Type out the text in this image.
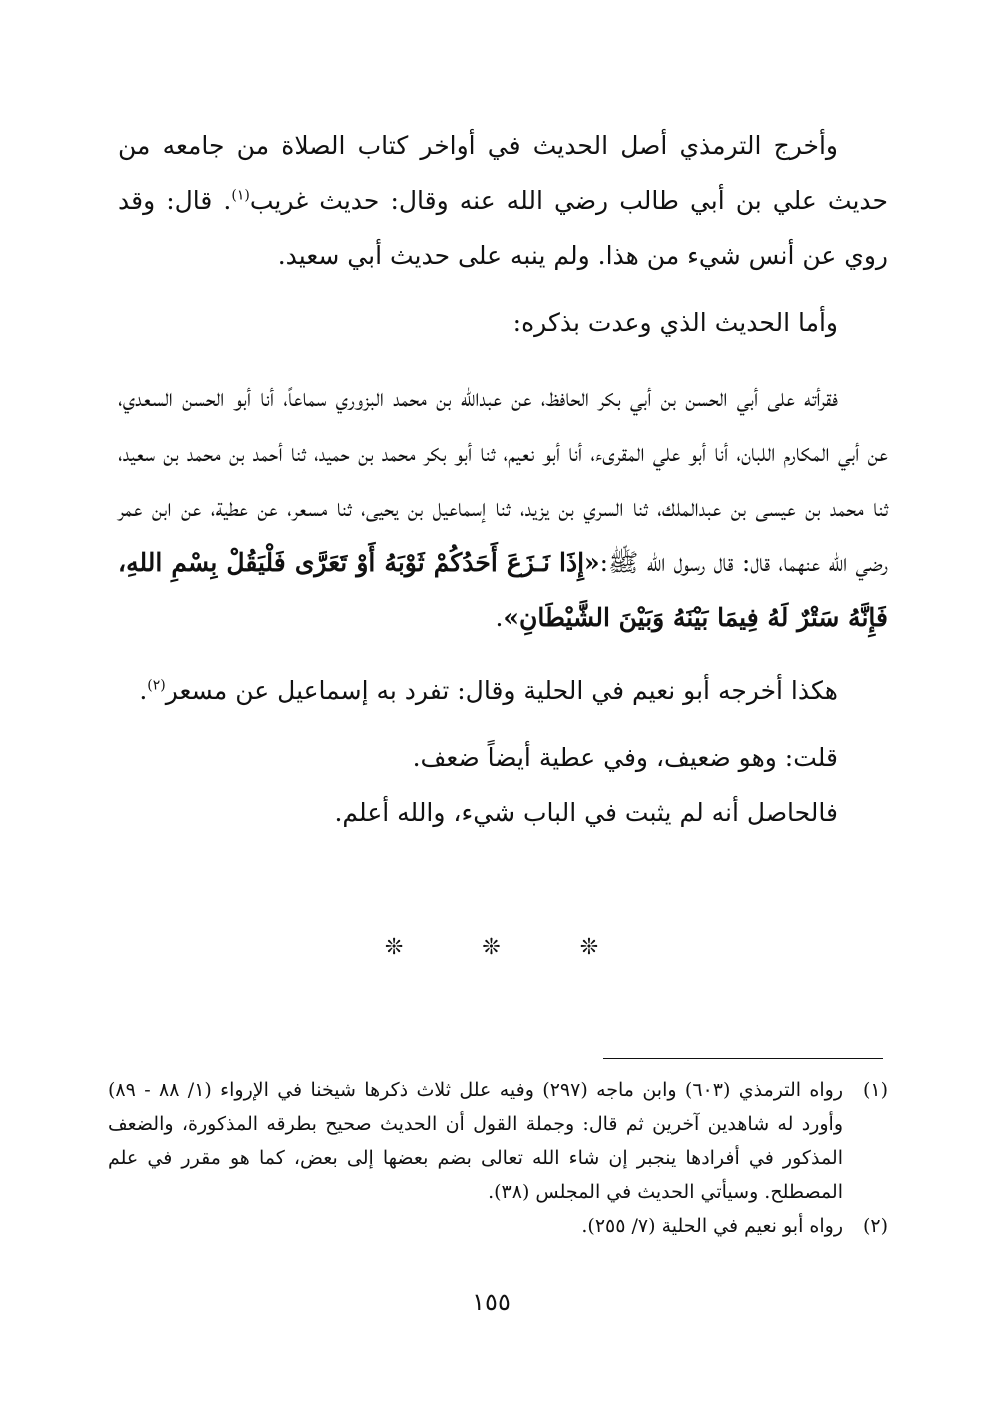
وأخرج الترمذي أصل الحديث في أواخر كتاب الصلاة من جامعه من حديث علي بن أبي طالب رضي الله عنه وقال: حديث غريب$^{(١)}$. قال: وقد روي عن أنس شيء من هذا. ولم ينبه على حديث أبي سعيد.

وأما الحديث الذي وعدت بذكره:

فقرأته على أبي الحسن بن أبي بكر الحافظ، عن عبدالله بن محمد البزوري سماعاً، أنا أبو الحسن السعدي، عن أبي المكارم اللبان، أنا أبو علي المقرىء، أنا أبو نعيم، ثنا أبو بكر محمد بن حميد، ثنا أحمد بن محمد بن سعيد، ثنا محمد بن عيسى بن عبدالملك، ثنا السري بن يزيد، ثنا إسماعيل بن يحيى، ثنا مسعر، عن عطية، عن ابن عمر رضي الله عنهما، قال: قال رسول الله ﷺ:«إِذَا نَـزَعَ أَحَدُكُمْ ثَوْبَهُ أَوْ تَعَرَّى فَلْيَقُلْ بِسْمِ اللهِ، فَإِنَّهُ سَتْرٌ لَهُ فِيمَا بَيْنَهُ وَبَيْنَ الشَّيْطَانِ».

هكذا أخرجه أبو نعيم في الحلية وقال: تفرد به إسماعيل عن مسعر$^{(٢)}$.

قلت: وهو ضعيف، وفي عطية أيضاً ضعف.

فالحاصل أنه لم يثبت في الباب شيء، والله أعلم.

❊	❊	❊

(١)
رواه الترمذي (٦٠٣) وابن ماجه (٢٩٧) وفيه علل ثلاث ذكرها شيخنا في الإرواء (١/ ٨٨ - ٨٩) وأورد له شاهدين آخرين ثم قال: وجملة القول أن الحديث صحيح بطرقه المذكورة، والضعف المذكور في أفرادها ينجبر إن شاء الله تعالى بضم بعضها إلى بعض، كما هو مقرر في علم المصطلح. وسيأتي الحديث في المجلس (٣٨).

(٢)
رواه أبو نعيم في الحلية (٧/ ٢٥٥).

١٥٥
